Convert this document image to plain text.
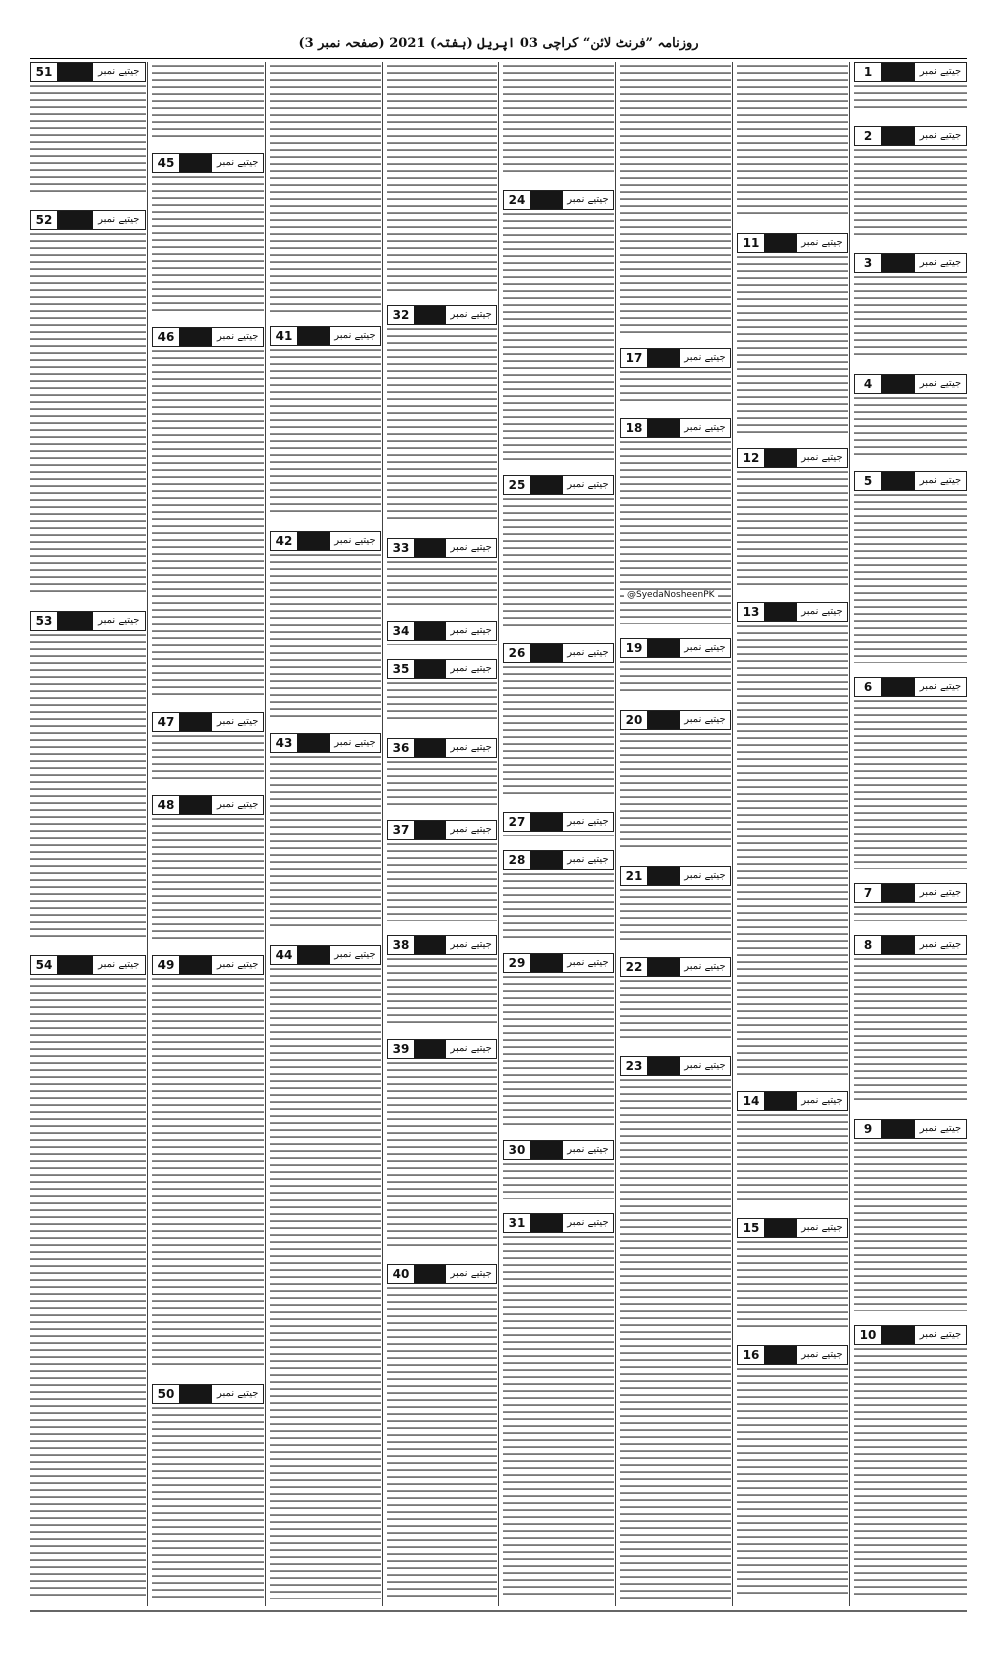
روزنامہ ”فرنٹ لائن“ کراچی 03 اپریل (ہفتہ) 2021 (صفحہ نمبر 3)
جیتیے نمبر
1
جیتیے نمبر
2
جیتیے نمبر
3
جیتیے نمبر
4
جیتیے نمبر
5
جیتیے نمبر
6
جیتیے نمبر
7
جیتیے نمبر
8
جیتیے نمبر
9
جیتیے نمبر
10
جیتیے نمبر
11
جیتیے نمبر
12
جیتیے نمبر
13
جیتیے نمبر
14
جیتیے نمبر
15
جیتیے نمبر
16
جیتیے نمبر
17
جیتیے نمبر
18
جیتیے نمبر
19
جیتیے نمبر
20
جیتیے نمبر
21
جیتیے نمبر
22
جیتیے نمبر
23
جیتیے نمبر
24
جیتیے نمبر
25
جیتیے نمبر
26
جیتیے نمبر
27
جیتیے نمبر
28
جیتیے نمبر
29
جیتیے نمبر
30
جیتیے نمبر
31
جیتیے نمبر
32
جیتیے نمبر
33
جیتیے نمبر
34
جیتیے نمبر
35
جیتیے نمبر
36
جیتیے نمبر
37
جیتیے نمبر
38
جیتیے نمبر
39
جیتیے نمبر
40
جیتیے نمبر
41
جیتیے نمبر
42
جیتیے نمبر
43
جیتیے نمبر
44
جیتیے نمبر
45
جیتیے نمبر
46
جیتیے نمبر
47
جیتیے نمبر
48
جیتیے نمبر
49
جیتیے نمبر
50
جیتیے نمبر
51
جیتیے نمبر
52
جیتیے نمبر
53
جیتیے نمبر
54
@SyedaNosheenPK
